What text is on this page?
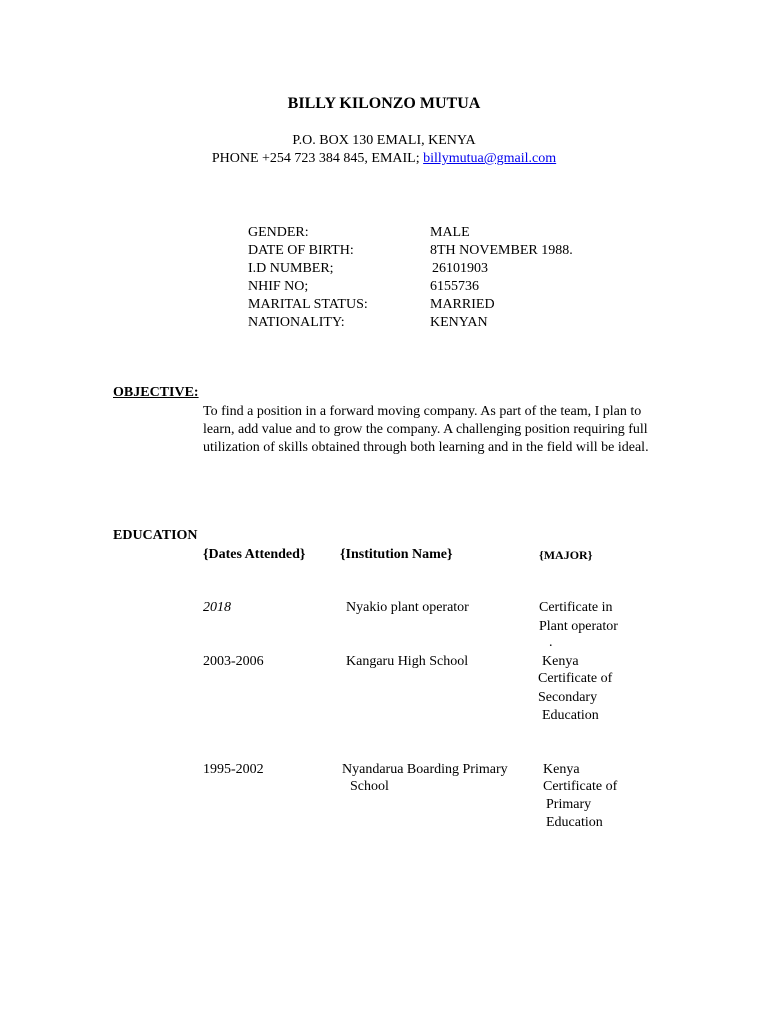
BILLY KILONZO MUTUA
P.O. BOX 130 EMALI, KENYA
PHONE +254 723 384 845, EMAIL; billymutua@gmail.com
GENDER:	MALE
DATE OF BIRTH:	8TH NOVEMBER 1988.
I.D NUMBER;	26101903
NHIF NO;	6155736
MARITAL STATUS:	MARRIED
NATIONALITY:	KENYAN
OBJECTIVE:
To find a position in a forward moving company. As part of the team, I plan to learn, add value and to grow the company. A challenging position requiring full utilization of skills obtained through both learning and in the field will be ideal.
EDUCATION
{Dates Attended} {Institution Name}	{MAJOR}
2018	Nyakio plant operator	Certificate in
Plant operator
.
2003-2006	Kangaru High School	Kenya
Certificate of
Secondary
Education
1995-2002	Nyandarua Boarding Primary
School
Kenya
Certificate of
Primary
Education
